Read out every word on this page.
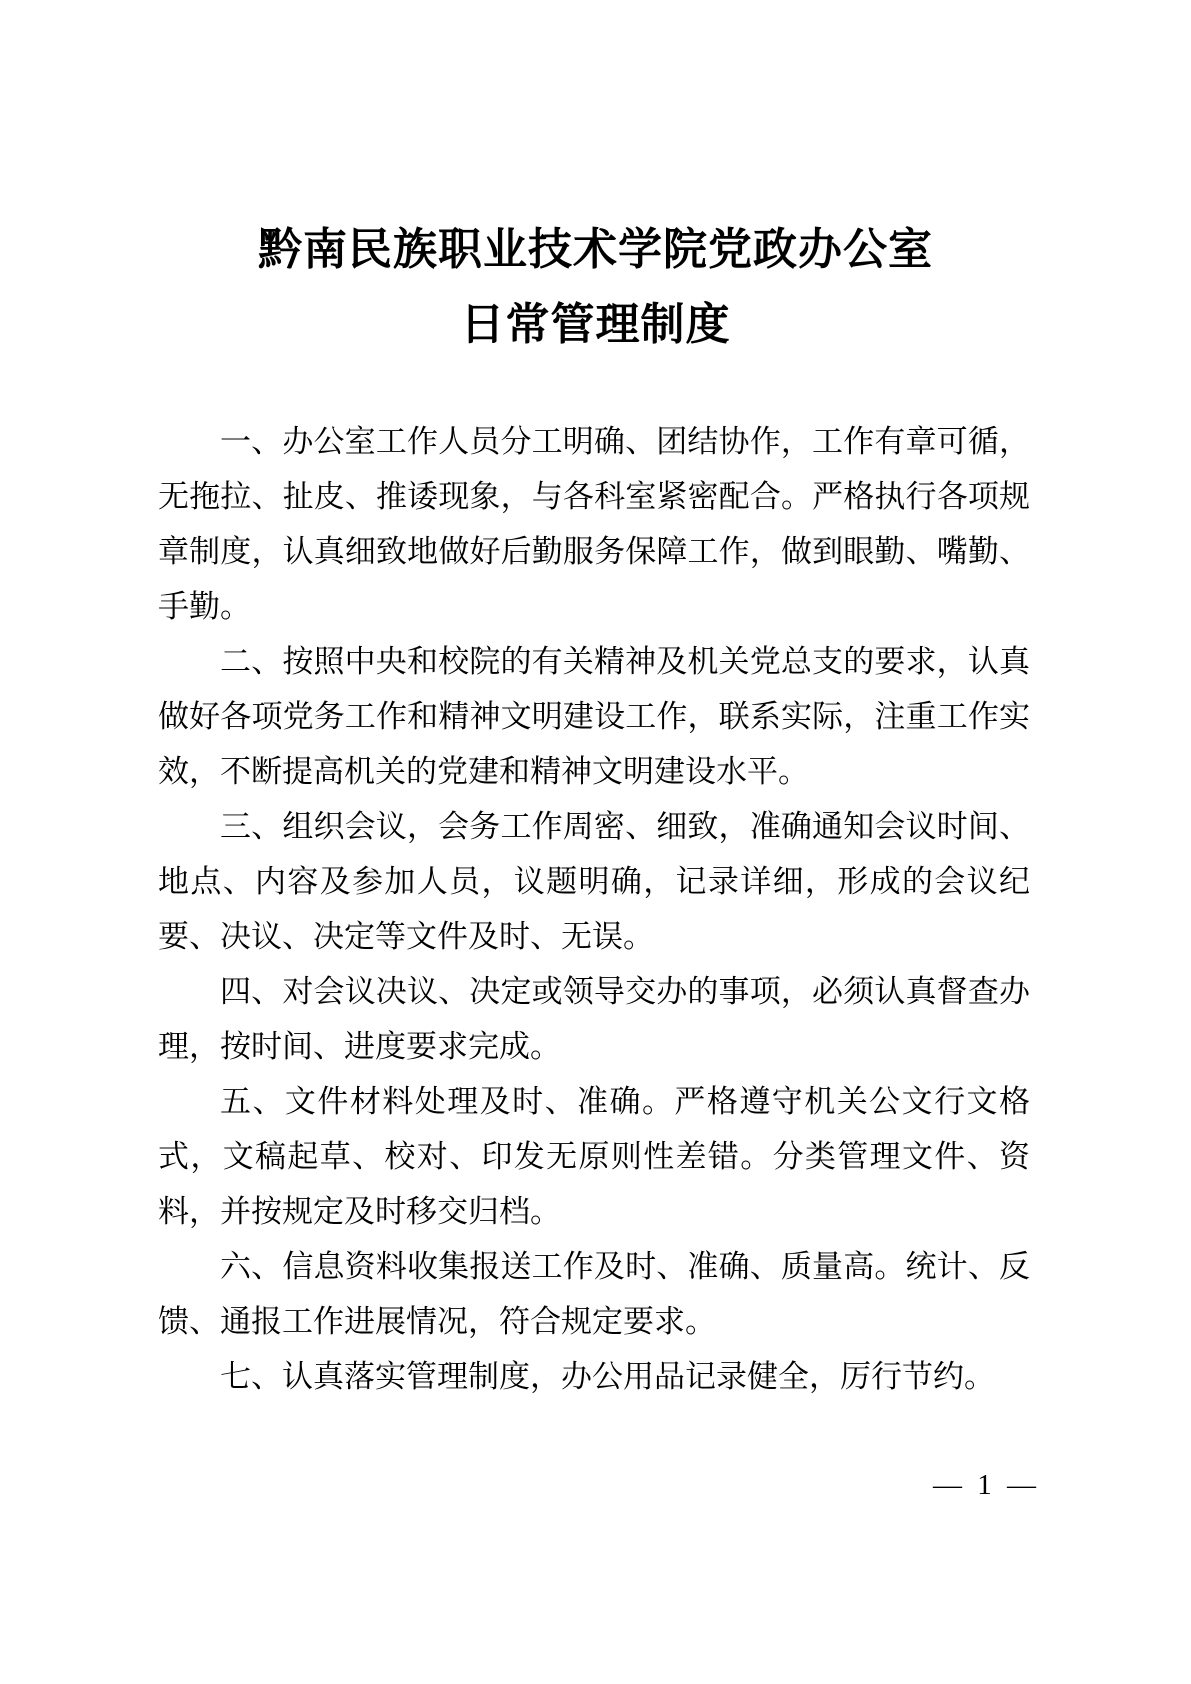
黔南民族职业技术学院党政办公室
日常管理制度

一、办公室工作人员分工明确、团结协作，工作有章可循，无拖拉、扯皮、推诿现象，与各科室紧密配合。严格执行各项规章制度，认真细致地做好后勤服务保障工作，做到眼勤、嘴勤、手勤。

二、按照中央和校院的有关精神及机关党总支的要求，认真做好各项党务工作和精神文明建设工作，联系实际，注重工作实效，不断提高机关的党建和精神文明建设水平。

三、组织会议，会务工作周密、细致，准确通知会议时间、地点、内容及参加人员，议题明确，记录详细，形成的会议纪要、决议、决定等文件及时、无误。

四、对会议决议、决定或领导交办的事项，必须认真督查办理，按时间、进度要求完成。

五、文件材料处理及时、准确。严格遵守机关公文行文格式，文稿起草、校对、印发无原则性差错。分类管理文件、资料，并按规定及时移交归档。

六、信息资料收集报送工作及时、准确、质量高。统计、反馈、通报工作进展情况，符合规定要求。

七、认真落实管理制度，办公用品记录健全，厉行节约。

— 1 —
